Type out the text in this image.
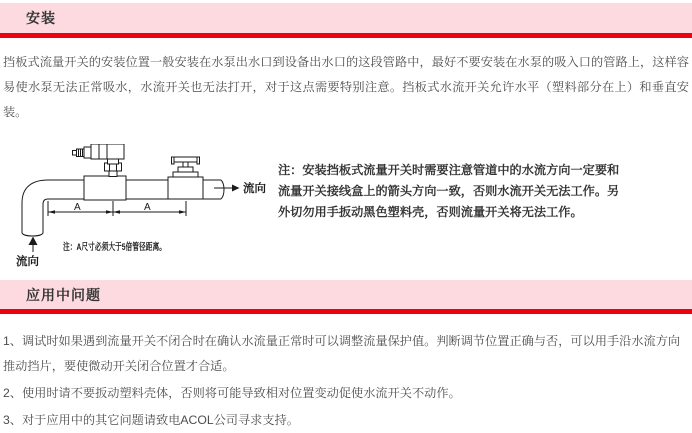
安装

挡板式流量开关的安装位置一般安装在水泵出水口到设备出水口的这段管路中，最好不要安装在水泵的吸入口的管路上，这样容易使水泵无法正常吸水，水流开关也无法打开，对于这点需要特别注意。挡板式水流开关允许水平（塑料部分在上）和垂直安装。

A	A
流向
流向
注：A尺寸必须大于5倍管径距离。
注：安装挡板式流量开关时需要注意管道中的水流方向一定要和
流量开关接线盒上的箭头方向一致，否则水流开关无法工作。另
外切勿用手扳动黑色塑料壳，否则流量开关将无法工作。
应用中问题

1、调试时如果遇到流量开关不闭合时在确认水流量正常时可以调整流量保护值。判断调节位置正确与否，可以用手沿水流方向推动挡片，要使微动开关闭合位置才合适。

2、使用时请不要扳动塑料壳体，否则将可能导致相对位置变动促使水流开关不动作。

3、对于应用中的其它问题请致电ACOL公司寻求支持。
